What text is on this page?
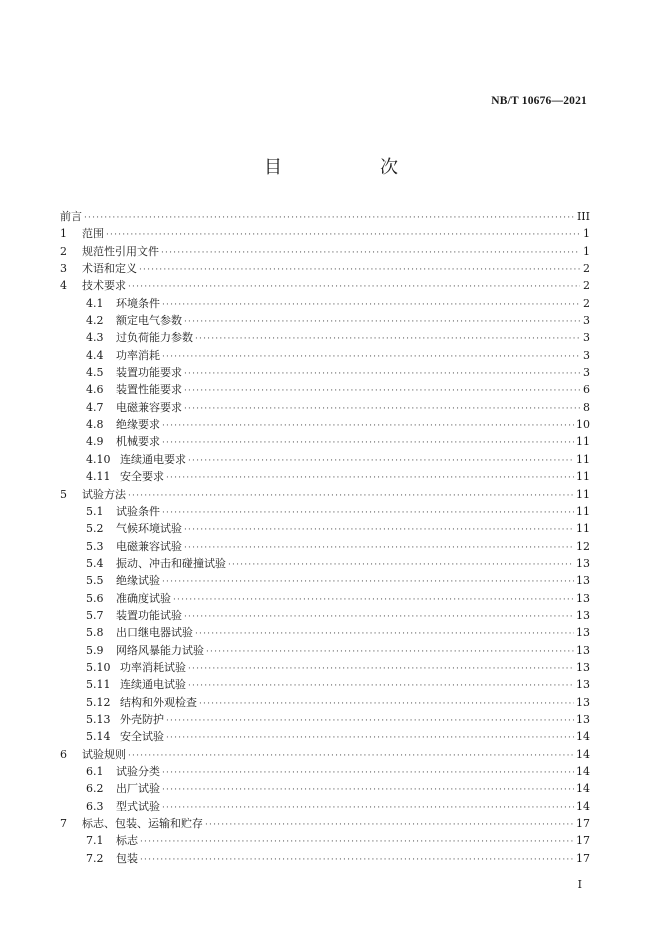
NB/T 10676—2021
目　次
前言 ·····	III
1	范围 ·····	1
2	规范性引用文件 ·····	1
3	术语和定义 ·····	2
4	技术要求 ·····	2
4.1	环境条件 ·····	2
4.2	额定电气参数 ·····	3
4.3	过负荷能力参数 ·····	3
4.4	功率消耗 ·····	3
4.5	装置功能要求 ·····	3
4.6	装置性能要求 ·····	6
4.7	电磁兼容要求 ·····	8
4.8	绝缘要求 ·····	10
4.9	机械要求 ·····	11
4.10 连续通电要求 ·····	11
4.11 安全要求 ·····	11
5	试验方法 ·····	11
5.1	试验条件 ·····	11
5.2	气候环境试验 ·····	11
5.3	电磁兼容试验 ·····	12
5.4	振动、冲击和碰撞试验 ·····	13
5.5	绝缘试验 ·····	13
5.6	准确度试验 ·····	13
5.7	装置功能试验 ·····	13
5.8	出口继电器试验 ·····	13
5.9	网络风暴能力试验 ·····	13
5.10 功率消耗试验 ·····	13
5.11 连续通电试验 ·····	13
5.12 结构和外观检查 ·····	13
5.13 外壳防护 ·····	13
5.14 安全试验 ·····	14
6	试验规则 ·····	14
6.1	试验分类 ·····	14
6.2	出厂试验 ·····	14
6.3	型式试验 ·····	14
7	标志、包装、运输和贮存 ·····	17
7.1	标志 ·····	17
7.2	包装 ·····	17
I
